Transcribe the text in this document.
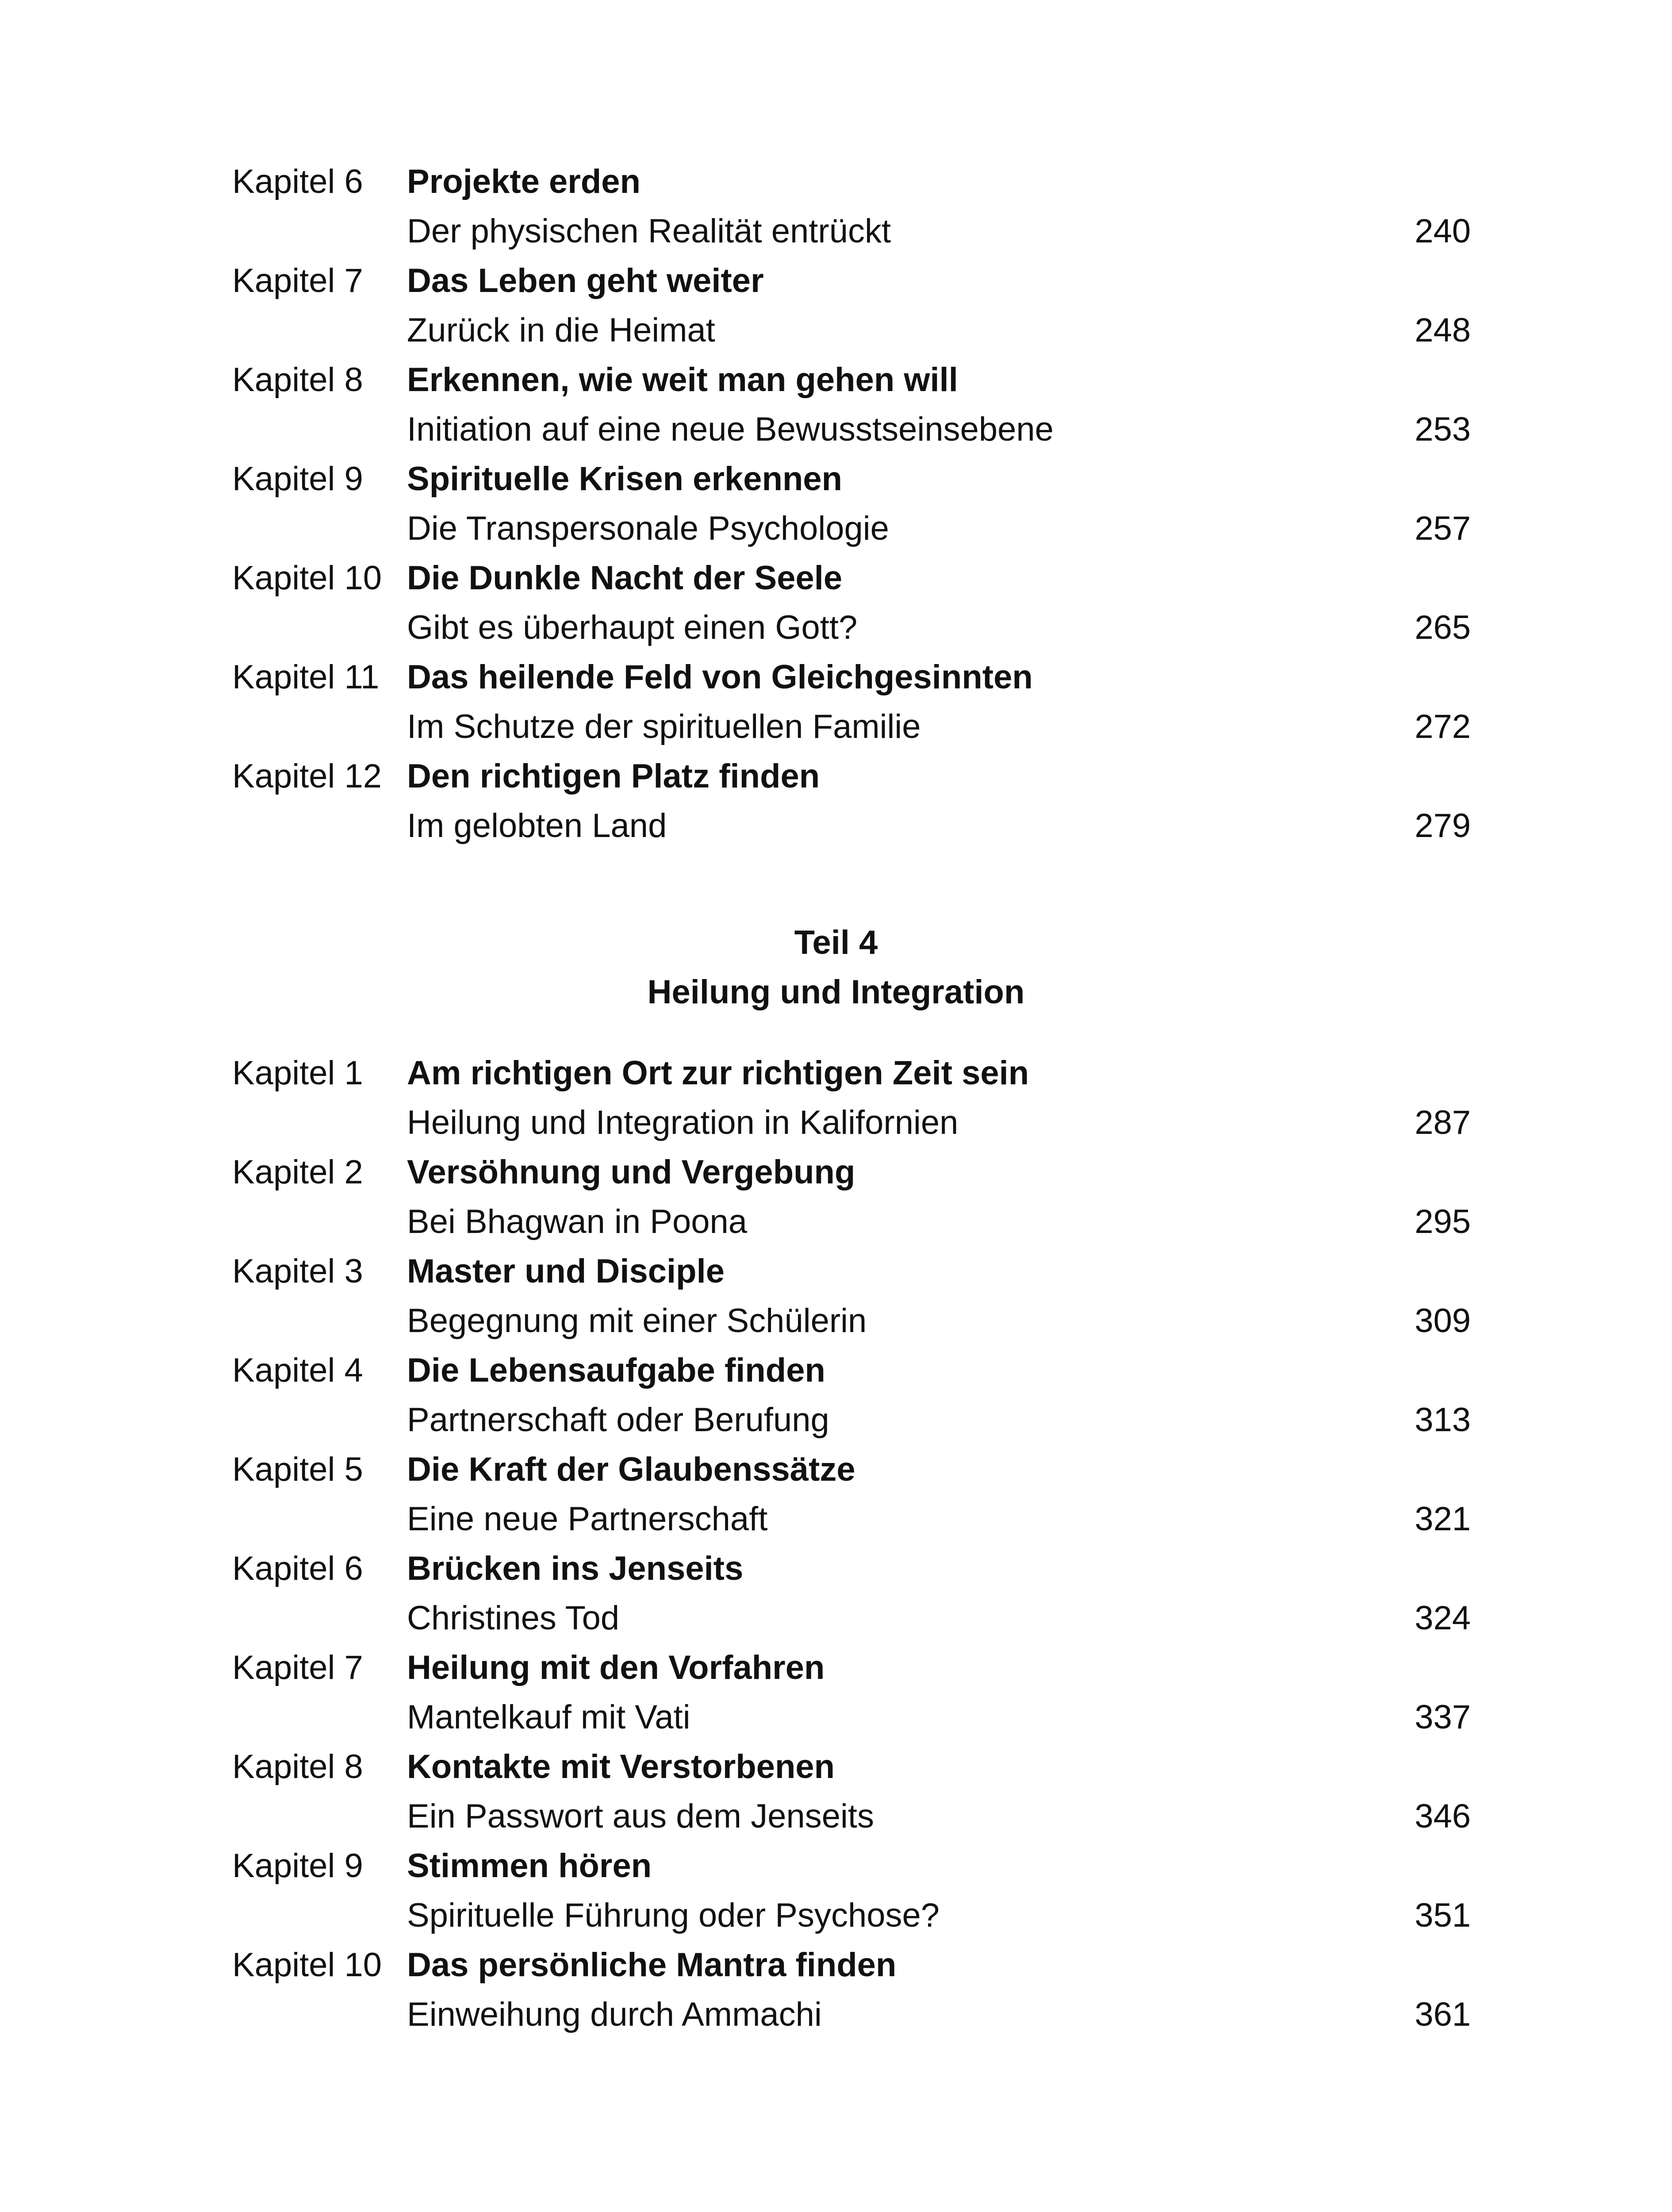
Kapitel 6 Projekte erden
Der physischen Realität entrückt	240
Kapitel 7 Das Leben geht weiter
Zurück in die Heimat	248
Kapitel 8 Erkennen, wie weit man gehen will
Initiation auf eine neue Bewusstseinsebene	253
Kapitel 9 Spirituelle Krisen erkennen
Die Transpersonale Psychologie	257
Kapitel 10 Die Dunkle Nacht der Seele
Gibt es überhaupt einen Gott?	265
Kapitel 11 Das heilende Feld von Gleichgesinnten
Im Schutze der spirituellen Familie	272
Kapitel 12 Den richtigen Platz finden
Im gelobten Land	279
Teil 4
Heilung und Integration
Kapitel 1 Am richtigen Ort zur richtigen Zeit sein
Heilung und Integration in Kalifornien	287
Kapitel 2 Versöhnung und Vergebung
Bei Bhagwan in Poona	295
Kapitel 3 Master und Disciple
Begegnung mit einer Schülerin	309
Kapitel 4 Die Lebensaufgabe finden
Partnerschaft oder Berufung	313
Kapitel 5 Die Kraft der Glaubenssätze
Eine neue Partnerschaft	321
Kapitel 6 Brücken ins Jenseits
Christines Tod	324
Kapitel 7 Heilung mit den Vorfahren
Mantelkauf mit Vati	337
Kapitel 8 Kontakte mit Verstorbenen
Ein Passwort aus dem Jenseits	346
Kapitel 9 Stimmen hören
Spirituelle Führung oder Psychose?	351
Kapitel 10 Das persönliche Mantra finden
Einweihung durch Ammachi	361
